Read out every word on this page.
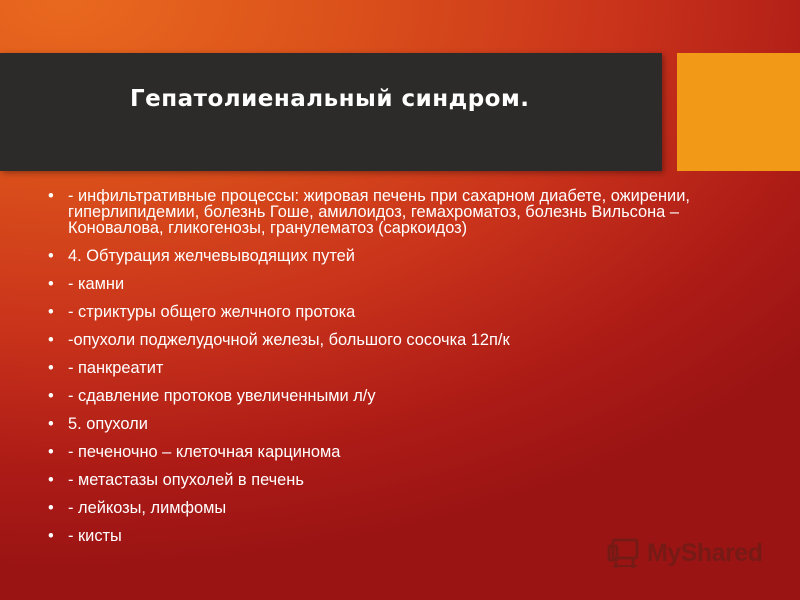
Гепатолиенальный синдром.
• - инфильтративные процессы: жировая печень при сахарном диабете, ожирении, гиперлипидемии, болезнь Гоше, амилоидоз, гемахроматоз, болезнь Вильсона – Коновалова, гликогенозы, гранулематоз (саркоидоз)
• 4. Обтурация желчевыводящих путей
• - камни
• - стриктуры общего желчного протока
• -опухоли поджелудочной железы, большого сосочка 12п/к
• - панкреатит
• - сдавление протоков увеличенными л/у
• 5. опухоли
• - печеночно – клеточная карцинома
• - метастазы опухолей в печень
• - лейкозы, лимфомы
• - кисты
MyShared
